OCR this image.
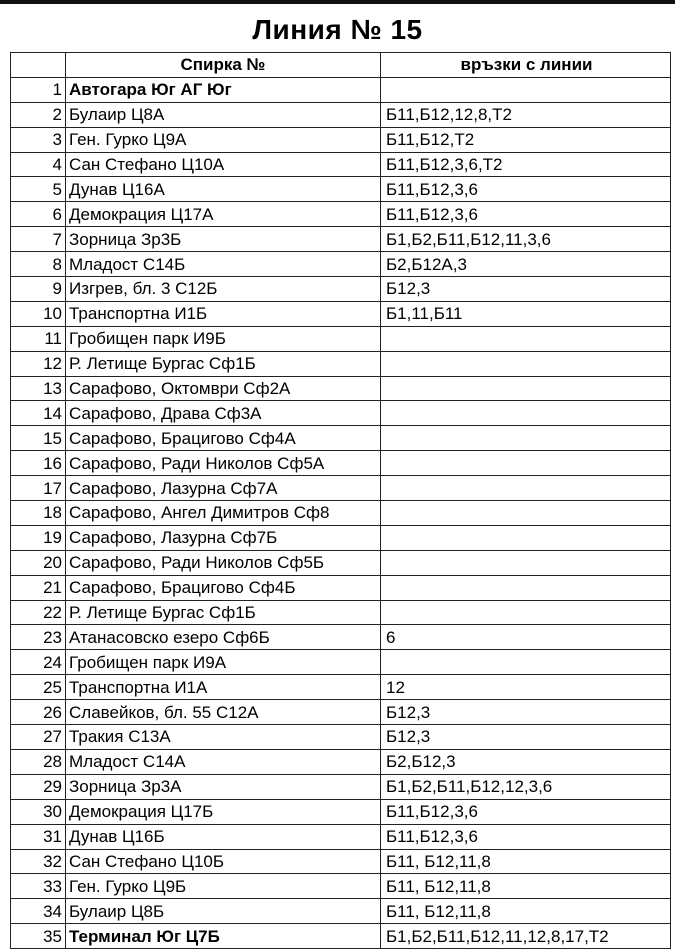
Линия № 15
	Спирка №	връзки с линии
1	Автогара Юг АГ Юг	
2	Булаир Ц8А	Б11,Б12,12,8,Т2
3	Ген. Гурко Ц9А	Б11,Б12,Т2
4	Сан Стефано Ц10А	Б11,Б12,3,6,Т2
5	Дунав Ц16А	Б11,Б12,3,6
6	Демокрация Ц17А	Б11,Б12,3,6
7	Зорница Зр3Б	Б1,Б2,Б11,Б12,11,3,6
8	Младост С14Б	Б2,Б12А,3
9	Изгрев, бл. 3 С12Б	Б12,3
10	Транспортна И1Б	Б1,11,Б11
11	Гробищен парк И9Б	
12	Р. Летище Бургас Сф1Б	
13	Сарафово, Октомври Сф2А	
14	Сарафово, Драва Сф3А	
15	Сарафово, Брацигово Сф4А	
16	Сарафово, Ради Николов Сф5А	
17	Сарафово, Лазурна Сф7А	
18	Сарафово, Ангел Димитров Сф8	
19	Сарафово, Лазурна Сф7Б	
20	Сарафово, Ради Николов Сф5Б	
21	Сарафово, Брацигово Сф4Б	
22	Р. Летище Бургас Сф1Б	
23	Атанасовско езеро Сф6Б	6
24	Гробищен парк И9А	
25	Транспортна И1А	12
26	Славейков, бл. 55 С12А	Б12,3
27	Тракия С13А	Б12,3
28	Младост С14А	Б2,Б12,3
29	Зорница Зр3А	Б1,Б2,Б11,Б12,12,3,6
30	Демокрация Ц17Б	Б11,Б12,3,6
31	Дунав Ц16Б	Б11,Б12,3,6
32	Сан Стефано Ц10Б	Б11, Б12,11,8
33	Ген. Гурко Ц9Б	Б11, Б12,11,8
34	Булаир Ц8Б	Б11, Б12,11,8
35	Терминал Юг Ц7Б	Б1,Б2,Б11,Б12,11,12,8,17,Т2
